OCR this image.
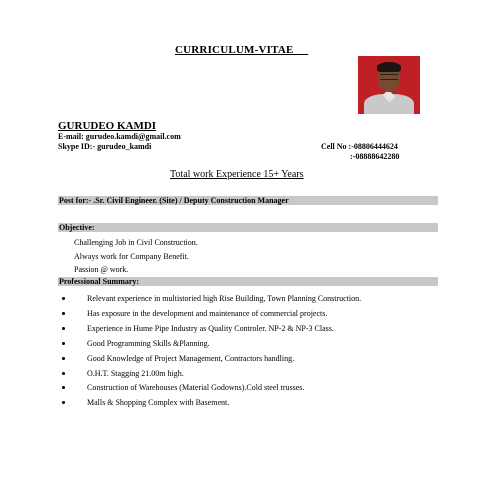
CURRICULUM-VITAE
GURUDEO KAMDI
E-mail: gurudeo.kamdi@gmail.com
Skype ID:- gurudeo_kamdi	Cell No :-08806444624
:-08888642280
Total work Experience 15+ Years
Post for:- .Sr. Civil Engineer. (Site) / Deputy Construction Manager
Objective:
Challenging Job in Civil Construction.
Always work for Company Benefit.
Passion @ work.
Professional Summary:
Relevant experience in multistoried high Rise Building, Town Planning Construction.
Has exposure in the development and maintenance of commercial projects.
Experience in Hume Pipe Industry as Quality Controler. NP-2 & NP-3 Class.
Good Programming Skills &Planning.
Good Knowledge of Project Management, Contractors handling.
O.H.T. Stagging 21.00m high.
Construction of Warehouses (Material Godowns).Cold steel trusses.
Malls & Shopping Complex with Basement.
